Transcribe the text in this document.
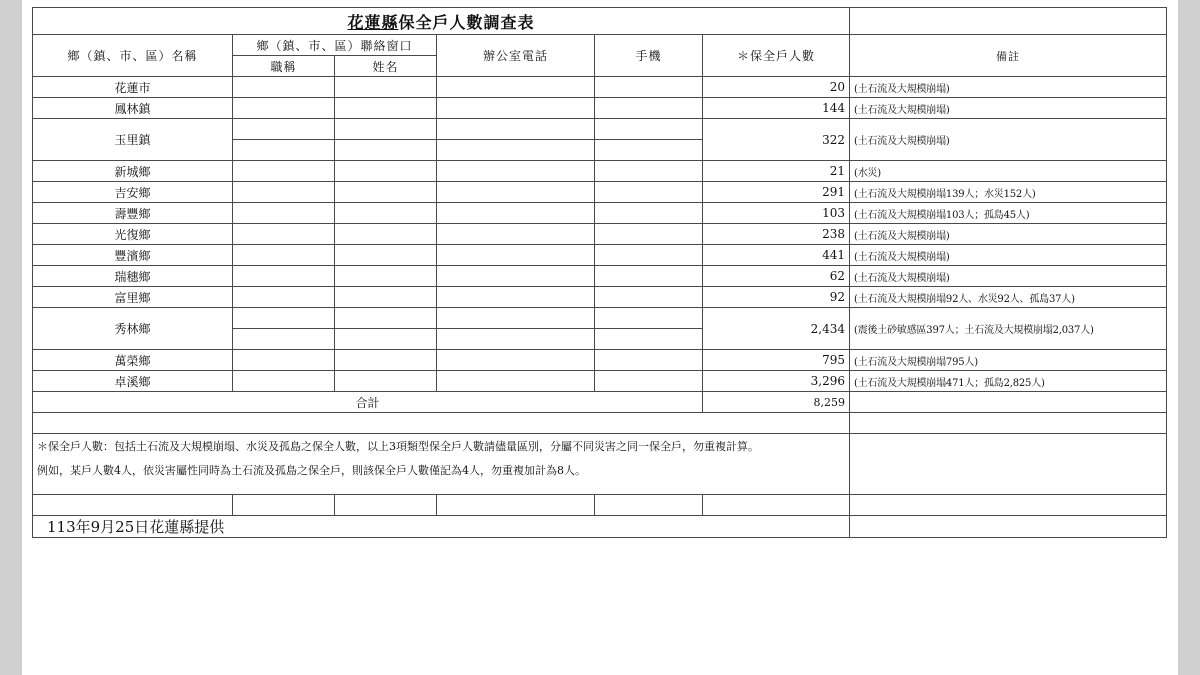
花蓮縣保全戶人數調查表						
鄉（鎮、市、區）名稱	鄉（鎮、市、區）聯絡窗口		辦公室電話	手機	＊保全戶人數	備註
	職稱	姓名				
花蓮市					20	(土石流及大規模崩塌)
鳳林鎮					144	(土石流及大規模崩塌)
玉里鎮					322	(土石流及大規模崩塌)

新城鄉					21	(水災)
吉安鄉					291	(土石流及大規模崩塌139人；水災152人)
壽豐鄉					103	(土石流及大規模崩塌103人；孤島45人)
光復鄉					238	(土石流及大規模崩塌)
豐濱鄉					441	(土石流及大規模崩塌)
瑞穗鄉					62	(土石流及大規模崩塌)
富里鄉					92	(土石流及大規模崩塌92人、水災92人、孤島37人)
秀林鄉					2,434	(震後土砂敏感區397人；土石流及大規模崩塌2,037人)

萬榮鄉					795	(土石流及大規模崩塌795人)
卓溪鄉					3,296	(土石流及大規模崩塌471人；孤島2,825人)
合計					8,259	

＊保全戶人數：包括土石流及大規模崩塌、水災及孤島之保全人數，以上3項類型保全戶人數請儘量區別，分屬不同災害之同一保全戶，勿重複計算。

例如，某戶人數4人，依災害屬性同時為土石流及孤島之保全戶，則該保全戶人數僅記為4人，勿重複加計為8人。						

113年9月25日花蓮縣提供						
